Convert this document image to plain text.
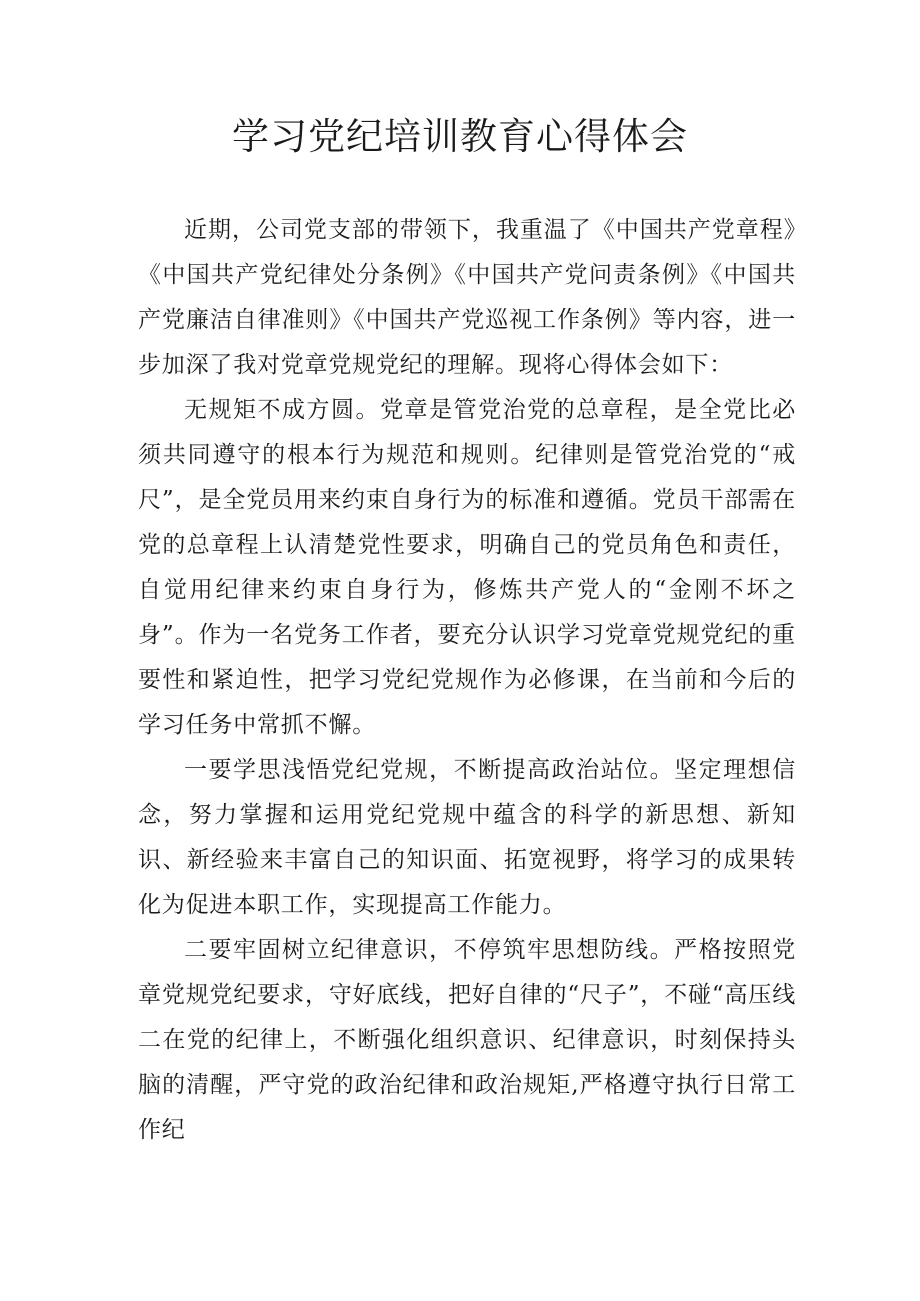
学习党纪培训教育心得体会

近期，公司党支部的带领下，我重温了《中国共产党章程》《中国共产党纪律处分条例》《中国共产党问责条例》《中国共产党廉洁自律准则》《中国共产党巡视工作条例》等内容，进一步加深了我对党章党规党纪的理解。现将心得体会如下：

无规矩不成方圆。党章是管党治党的总章程，是全党比必须共同遵守的根本行为规范和规则。纪律则是管党治党的“戒尺”，是全党员用来约束自身行为的标准和遵循。党员干部需在党的总章程上认清楚党性要求，明确自己的党员角色和责任，自觉用纪律来约束自身行为，修炼共产党人的“金刚不坏之身”。作为一名党务工作者，要充分认识学习党章党规党纪的重要性和紧迫性，把学习党纪党规作为必修课，在当前和今后的学习任务中常抓不懈。

一要学思浅悟党纪党规，不断提高政治站位。坚定理想信念，努力掌握和运用党纪党规中蕴含的科学的新思想、新知识、新经验来丰富自己的知识面、拓宽视野，将学习的成果转化为促进本职工作，实现提高工作能力。

二要牢固树立纪律意识，不停筑牢思想防线。严格按照党章党规党纪要求，守好底线，把好自律的“尺子”，不碰“高压线二在党的纪律上，不断强化组织意识、纪律意识，时刻保持头脑的清醒，严守党的政治纪律和政治规矩,严格遵守执行日常工作纪
